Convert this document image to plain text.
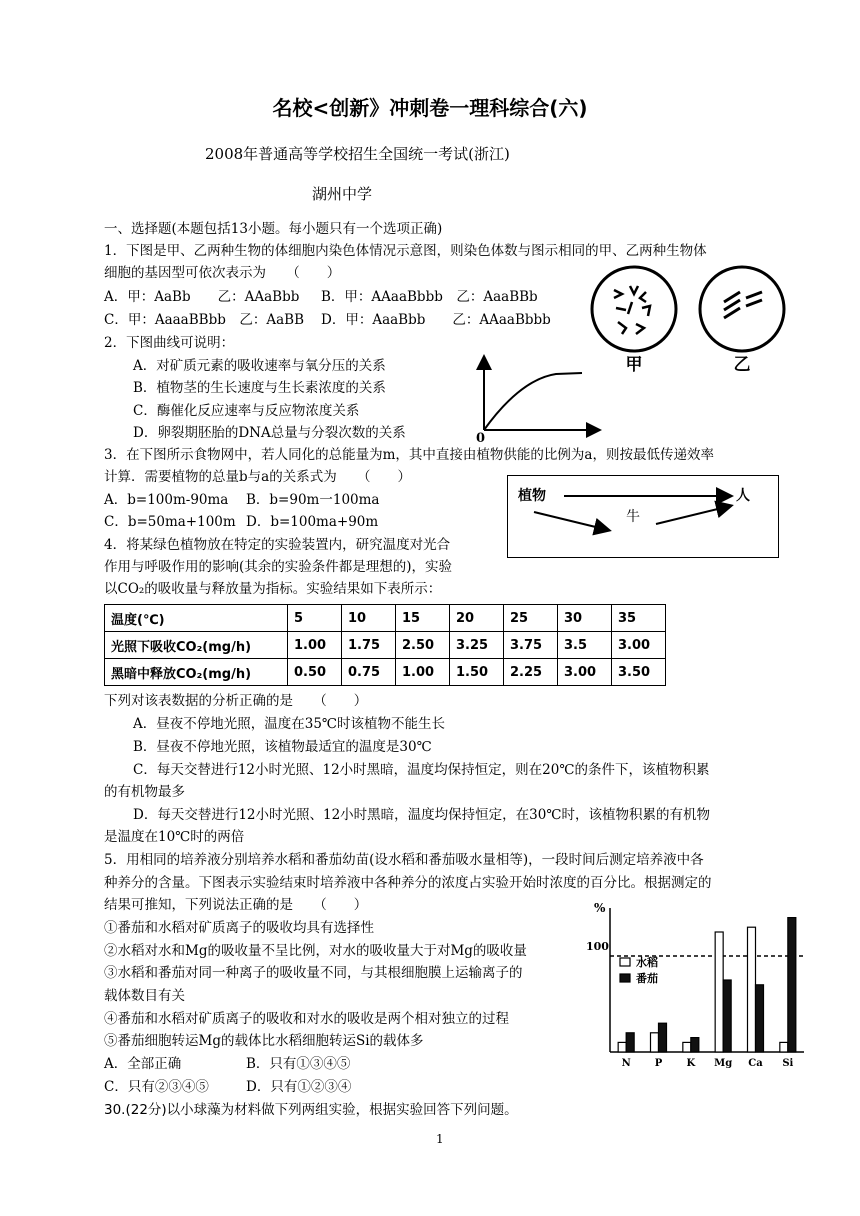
名校<创新》冲刺卷一理科综合(六)
2008年普通高等学校招生全国统一考试(浙江)
湖州中学
一、选择题(本题包括13小题。每小题只有一个选项正确)
1．下图是甲、乙两种生物的体细胞内染色体情况示意图，则染色体数与图示相同的甲、乙两种生物体
细胞的基因型可依次表示为　　（　　）
A．甲：AaBb　　乙：AAaBbb B．甲：AAaaBbbb　乙：AaaBBb
C．甲：AaaaBBbb　乙：AaBB D．甲：AaaBbb　　乙：AAaaBbbb
甲	乙
2．下图曲线可说明：
A．对矿质元素的吸收速率与氧分压的关系
B．植物茎的生长速度与生长素浓度的关系
C．酶催化反应速率与反应物浓度关系
D．卵裂期胚胎的DNA总量与分裂次数的关系	0
3．在下图所示食物网中，若人同化的总能量为m，其中直接由植物供能的比例为a，则按最低传递效率
计算．需要植物的总量b与a的关系式为　　（　　）
A．b=100m-90ma B．b=90m一100ma
C．b=50ma+100m D．b=100ma+90m
植物
牛
人
4．将某绿色植物放在特定的实验装置内，研究温度对光合
作用与呼吸作用的影响(其余的实验条件都是理想的)，实验
以CO₂的吸收量与释放量为指标。实验结果如下表所示：
温度(℃)	5	10	15	20	25	30	35
光照下吸收CO₂(mg/h)	1.00	1.75	2.50	3.25	3.75	3.5	3.00
黑暗中释放CO₂(mg/h)	0.50	0.75	1.00	1.50	2.25	3.00	3.50
下列对该表数据的分析正确的是　　（　　）
A．昼夜不停地光照，温度在35℃时该植物不能生长
B．昼夜不停地光照，该植物最适宜的温度是30℃
C．每天交替进行12小时光照、12小时黑暗，温度均保持恒定，则在20℃的条件下，该植物积累
的有机物最多
D．每天交替进行12小时光照、12小时黑暗，温度均保持恒定，在30℃时，该植物积累的有机物
是温度在10℃时的两倍
5．用相同的培养液分别培养水稻和番茄幼苗(设水稻和番茄吸水量相等)，一段时间后测定培养液中各
种养分的含量。下图表示实验结束时培养液中各种养分的浓度占实验开始时浓度的百分比。根据测定的
结果可推知，下列说法正确的是　　（　　）
①番茄和水稻对矿质离子的吸收均具有选择性
②水稻对水和Mg的吸收量不呈比例，对水的吸收量大于对Mg的吸收量
③水稻和番茄对同一种离子的吸收量不同，与其根细胞膜上运输离子的
载体数目有关
④番茄和水稻对矿质离子的吸收和对水的吸收是两个相对独立的过程
⑤番茄细胞转运Mg的载体比水稻细胞转运Si的载体多
A．全部正确	B．只有①③④⑤
C．只有②③④⑤	D．只有①②③④
%
100
N P K Mg Ca Si
水稻
番茄
30.(22分)以小球藻为材料做下列两组实验，根据实验回答下列问题。
1
